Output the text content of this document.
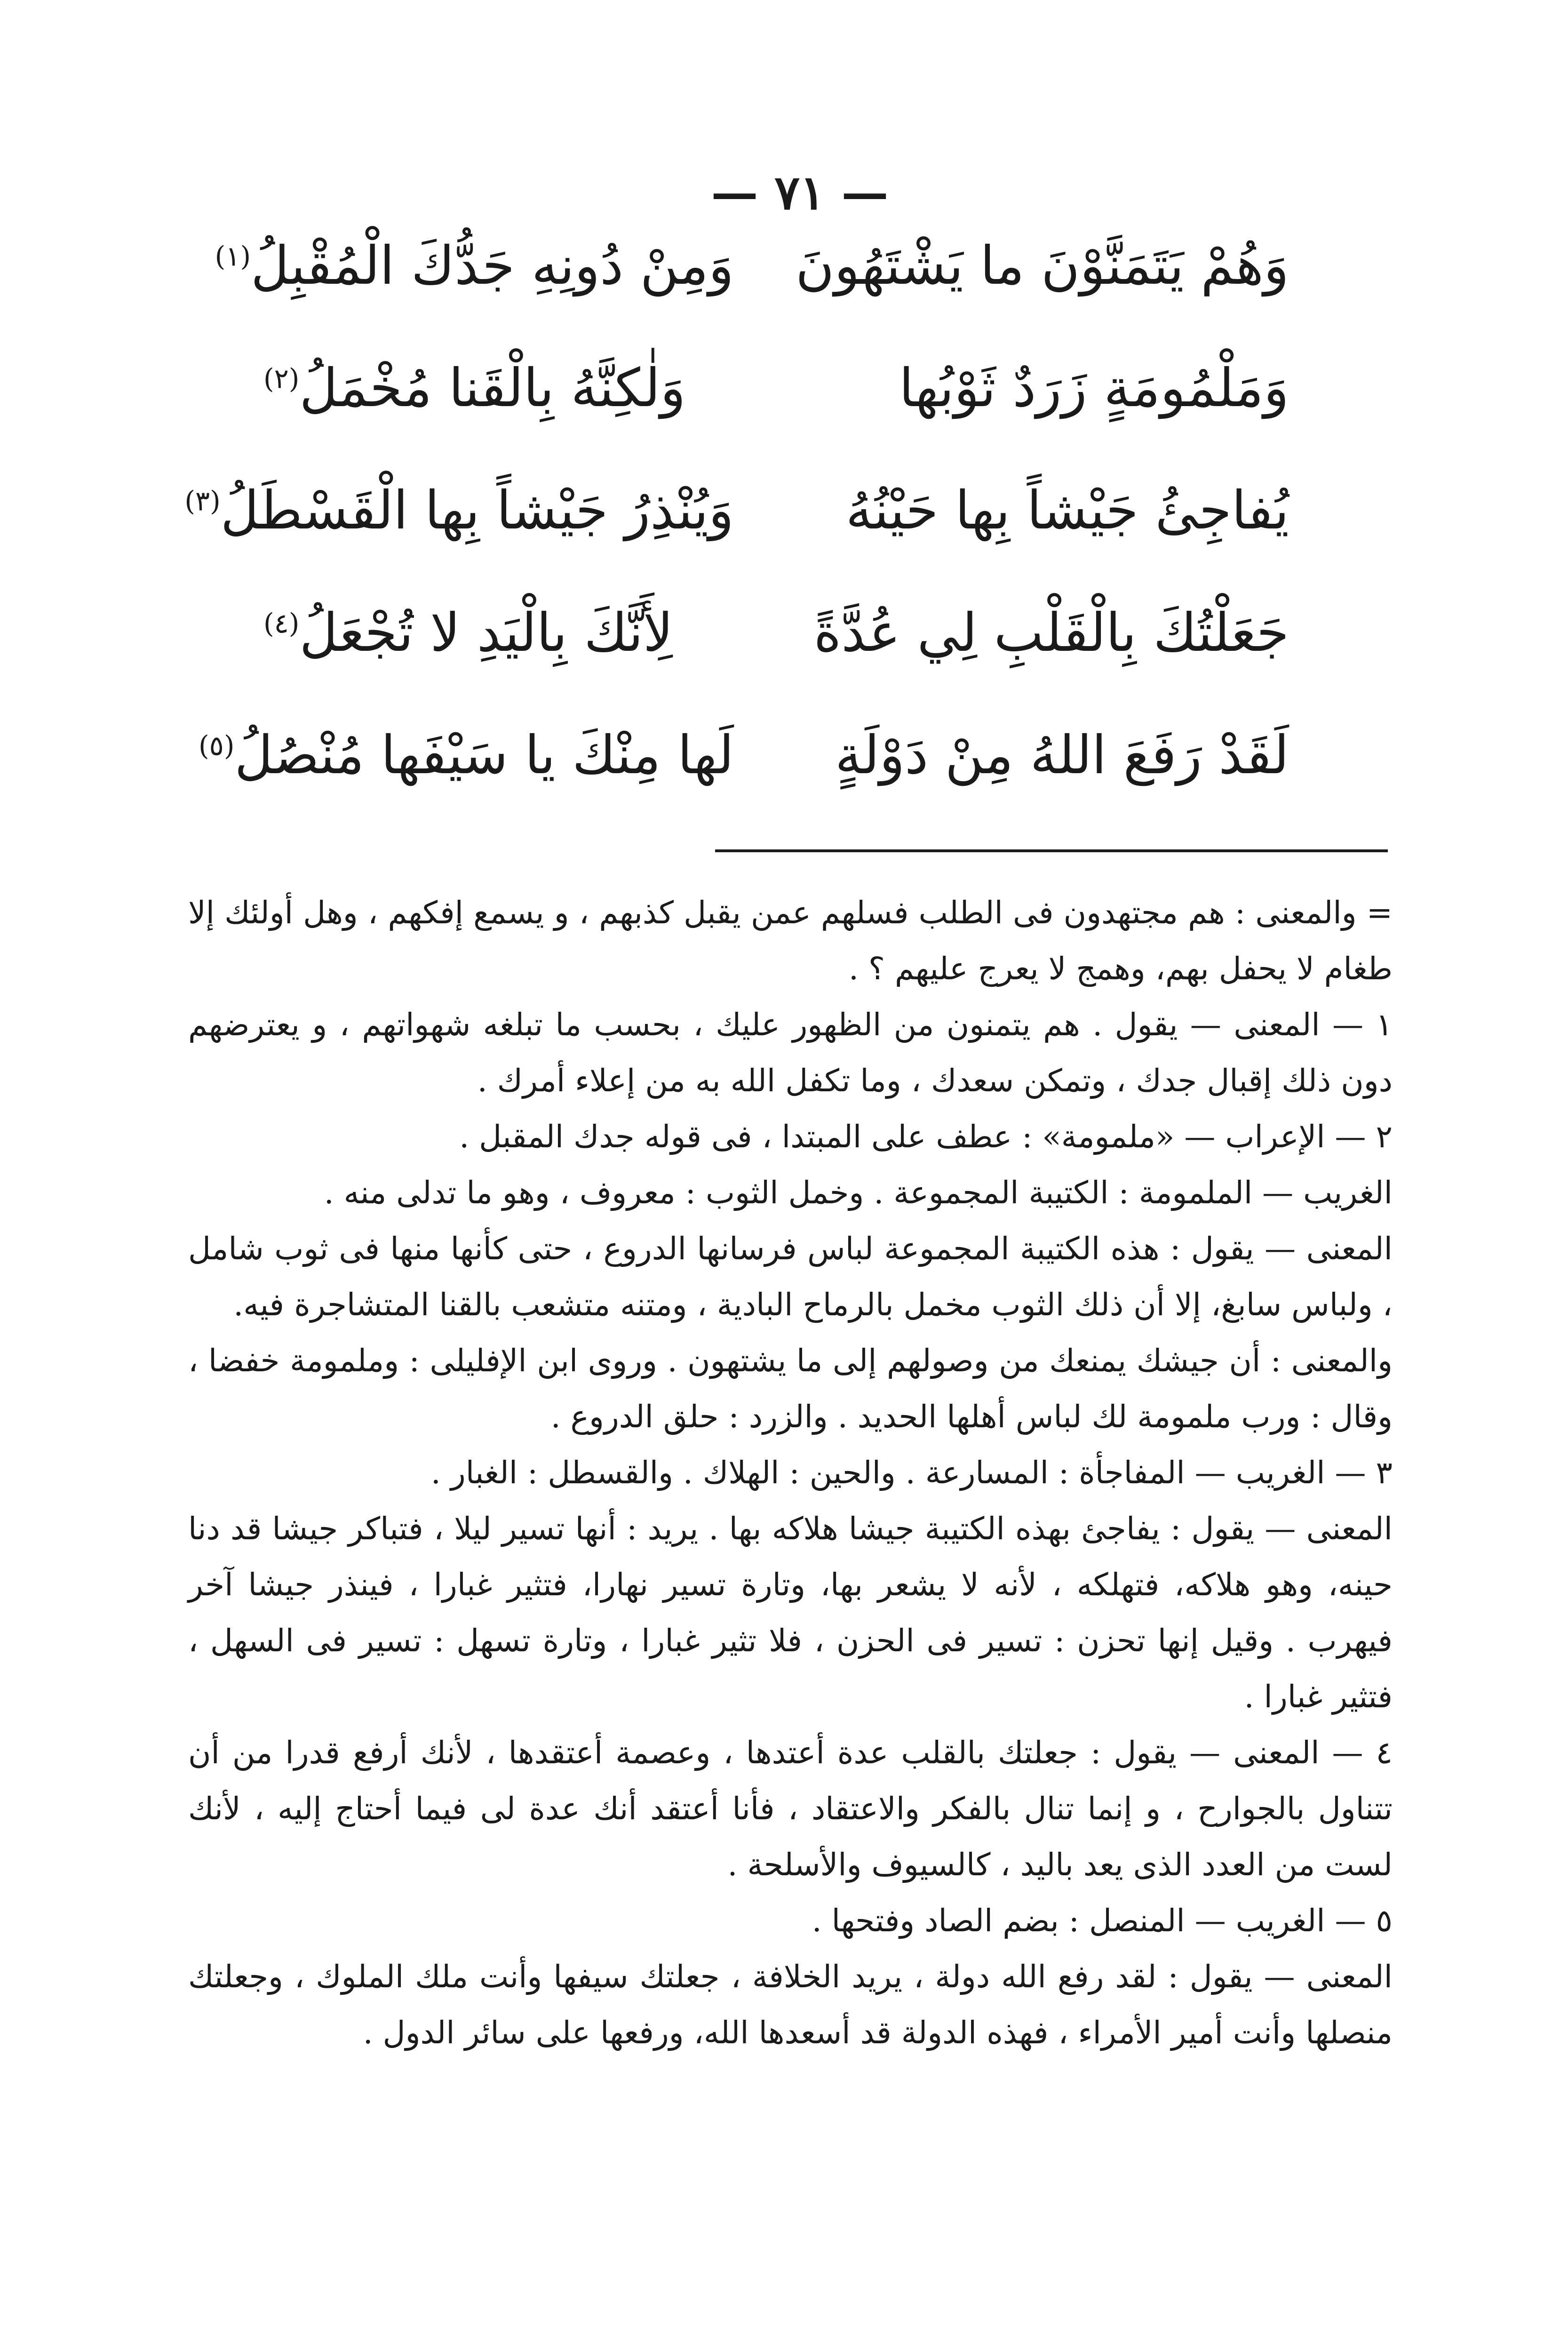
— ٧١ —
وَهُمْ يَتَمَنَّوْنَ ما يَشْتَهُونَ
وَمِنْ دُونِهِ جَدُّكَ الْمُقْبِلُ$^{(١)}$
وَمَلْمُومَةٍ زَرَدٌ ثَوْبُها
وَلٰكِنَّهُ بِالْقَنا مُخْمَلُ$^{(٢)}$
يُفاجِئُ جَيْشاً بِها حَيْنُهُ
وَيُنْذِرُ جَيْشاً بِها الْقَسْطَلُ$^{(٣)}$
جَعَلْتُكَ بِالْقَلْبِ لِي عُدَّةً
لِأَنَّكَ بِالْيَدِ لا تُجْعَلُ$^{(٤)}$
لَقَدْ رَفَعَ اللهُ مِنْ دَوْلَةٍ
لَها مِنْكَ يا سَيْفَها مُنْصُلُ$^{(٥)}$

= والمعنى : هم مجتهدون فى الطلب فسلهم عمن يقبل كذبهم ، و يسمع إفكهم ، وهل أولئك إلا طغام لا يحفل بهم، وهمج لا يعرج عليهم ؟ .

١ — المعنى — يقول . هم يتمنون من الظهور عليك ، بحسب ما تبلغه شهواتهم ، و يعترضهم دون ذلك إقبال جدك ، وتمكن سعدك ، وما تكفل الله به من إعلاء أمرك .

٢ — الإعراب — «ملمومة» : عطف على المبتدا ، فى قوله جدك المقبل .

الغريب — الملمومة : الكتيبة المجموعة . وخمل الثوب : معروف ، وهو ما تدلى منه .

المعنى — يقول : هذه الكتيبة المجموعة لباس فرسانها الدروع ، حتى كأنها منها فى ثوب شامل ، ولباس سابغ، إلا أن ذلك الثوب مخمل بالرماح البادية ، ومتنه متشعب بالقنا المتشاجرة فيه.

والمعنى : أن جيشك يمنعك من وصولهم إلى ما يشتهون . وروى ابن الإفليلى : وملمومة خفضا ، وقال : ورب ملمومة لك لباس أهلها الحديد . والزرد : حلق الدروع .

٣ — الغريب — المفاجأة : المسارعة . والحين : الهلاك . والقسطل : الغبار .

المعنى — يقول : يفاجئ بهذه الكتيبة جيشا هلاكه بها . يريد : أنها تسير ليلا ، فتباكر جيشا قد دنا حينه، وهو هلاكه، فتهلكه ، لأنه لا يشعر بها، وتارة تسير نهارا، فتثير غبارا ، فينذر جيشا آخر فيهرب . وقيل إنها تحزن : تسير فى الحزن ، فلا تثير غبارا ، وتارة تسهل : تسير فى السهل ، فتثير غبارا .

٤ — المعنى — يقول : جعلتك بالقلب عدة أعتدها ، وعصمة أعتقدها ، لأنك أرفع قدرا من أن تتناول بالجوارح ، و إنما تنال بالفكر والاعتقاد ، فأنا أعتقد أنك عدة لى فيما أحتاج إليه ، لأنك لست من العدد الذى يعد باليد ، كالسيوف والأسلحة .

٥ — الغريب — المنصل : بضم الصاد وفتحها .

المعنى — يقول : لقد رفع الله دولة ، يريد الخلافة ، جعلتك سيفها وأنت ملك الملوك ، وجعلتك منصلها وأنت أمير الأمراء ، فهذه الدولة قد أسعدها الله، ورفعها على سائر الدول .
